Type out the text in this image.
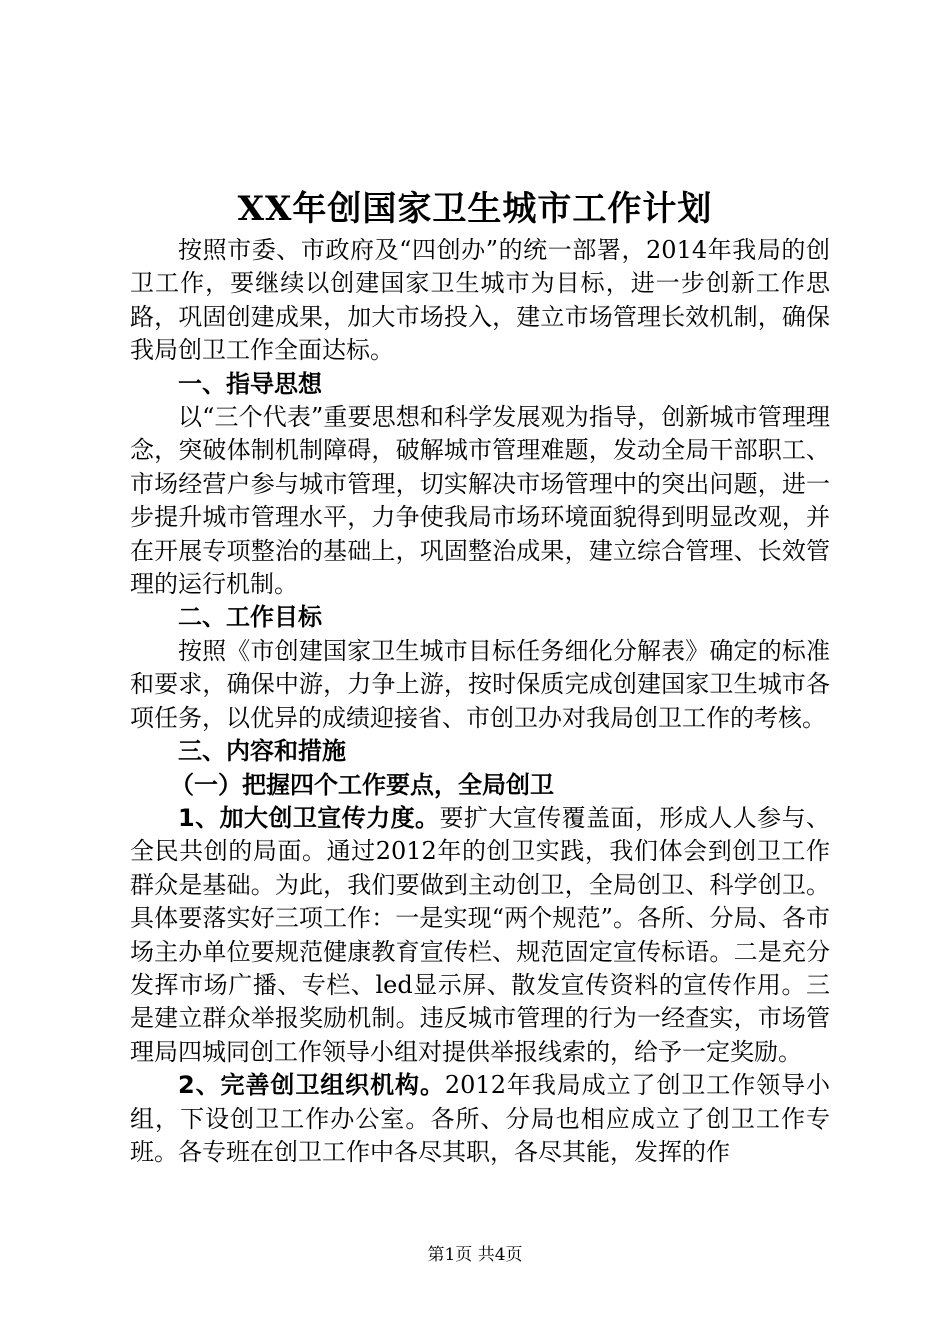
XX年创国家卫生城市工作计划

按照市委、市政府及“四创办”的统一部署，2014年我局的创卫工作，要继续以创建国家卫生城市为目标，进一步创新工作思路，巩固创建成果，加大市场投入，建立市场管理长效机制，确保我局创卫工作全面达标。

一、指导思想

以“三个代表”重要思想和科学发展观为指导，创新城市管理理念，突破体制机制障碍，破解城市管理难题，发动全局干部职工、市场经营户参与城市管理，切实解决市场管理中的突出问题，进一步提升城市管理水平，力争使我局市场环境面貌得到明显改观，并在开展专项整治的基础上，巩固整治成果，建立综合管理、长效管理的运行机制。

二、工作目标

按照《市创建国家卫生城市目标任务细化分解表》确定的标准和要求，确保中游，力争上游，按时保质完成创建国家卫生城市各项任务，以优异的成绩迎接省、市创卫办对我局创卫工作的考核。

三、内容和措施

（一）把握四个工作要点，全局创卫

1、加大创卫宣传力度。要扩大宣传覆盖面，形成人人参与、全民共创的局面。通过2012年的创卫实践，我们体会到创卫工作群众是基础。为此，我们要做到主动创卫，全局创卫、科学创卫。具体要落实好三项工作：一是实现“两个规范”。各所、分局、各市场主办单位要规范健康教育宣传栏、规范固定宣传标语。二是充分发挥市场广播、专栏、led显示屏、散发宣传资料的宣传作用。三是建立群众举报奖励机制。违反城市管理的行为一经查实，市场管理局四城同创工作领导小组对提供举报线索的，给予一定奖励。

2、完善创卫组织机构。2012年我局成立了创卫工作领导小组，下设创卫工作办公室。各所、分局也相应成立了创卫工作专班。各专班在创卫工作中各尽其职，各尽其能，发挥的作

第1页 共4页
